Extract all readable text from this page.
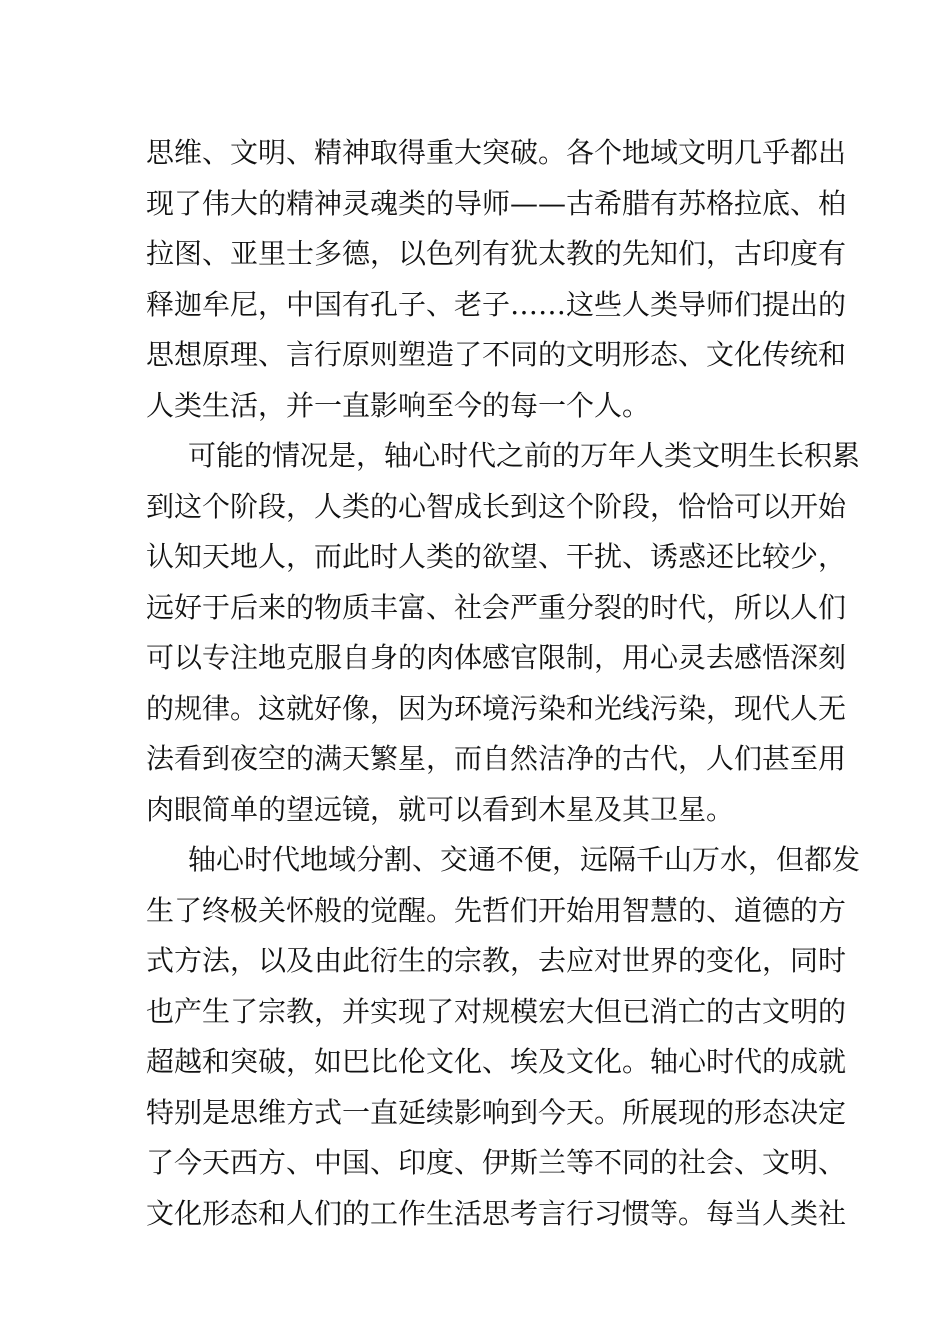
思维、文明、精神取得重大突破。各个地域文明几乎都出
现了伟大的精神灵魂类的导师——古希腊有苏格拉底、柏
拉图、亚里士多德，以色列有犹太教的先知们，古印度有
释迦牟尼，中国有孔子、老子……这些人类导师们提出的
思想原理、言行原则塑造了不同的文明形态、文化传统和
人类生活，并一直影响至今的每一个人。
可能的情况是，轴心时代之前的万年人类文明生长积累
到这个阶段，人类的心智成长到这个阶段，恰恰可以开始
认知天地人，而此时人类的欲望、干扰、诱惑还比较少，
远好于后来的物质丰富、社会严重分裂的时代，所以人们
可以专注地克服自身的肉体感官限制，用心灵去感悟深刻
的规律。这就好像，因为环境污染和光线污染，现代人无
法看到夜空的满天繁星，而自然洁净的古代，人们甚至用
肉眼简单的望远镜，就可以看到木星及其卫星。
轴心时代地域分割、交通不便，远隔千山万水，但都发
生了终极关怀般的觉醒。先哲们开始用智慧的、道德的方
式方法，以及由此衍生的宗教，去应对世界的变化，同时
也产生了宗教，并实现了对规模宏大但已消亡的古文明的
超越和突破，如巴比伦文化、埃及文化。轴心时代的成就
特别是思维方式一直延续影响到今天。所展现的形态决定
了今天西方、中国、印度、伊斯兰等不同的社会、文明、
文化形态和人们的工作生活思考言行习惯等。每当人类社
